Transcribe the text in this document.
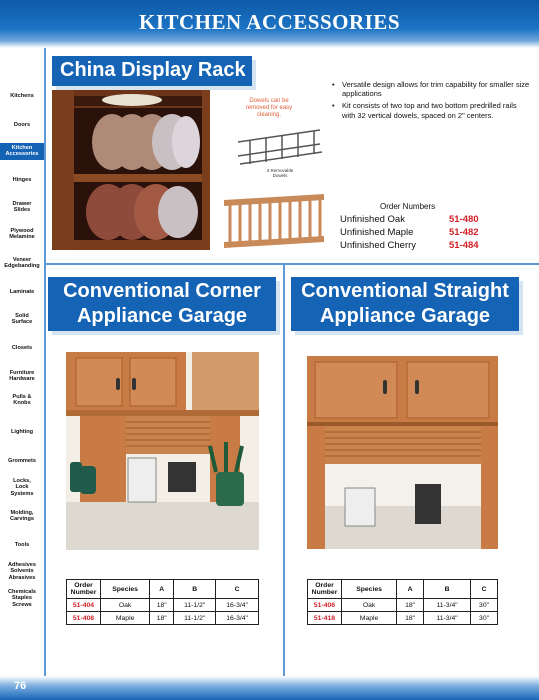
KITCHEN ACCESSORIES
Kitchens
Doors
Kitchen Accessories
Hinges
Drawer Slides
Plywood Melamine
Veneer Edgebanding
Laminate
Solid Surface
Closets
Furniture Hardware
Pulls & Knobs
Lighting
Grommets
Locks, Lock Systems
Molding, Carvings
Tools
Adhesives Solvents Abrasives
Chemicals Staples Screws
China Display Rack
Dowels can be removed for easy cleaning.
3 Removable Dowels
• Versatile design allows for trim capability for smaller size applications
• Kit consists of two top and two bottom predrilled rails with 32 vertical dowels, spaced on 2" centers.
Order Numbers
Unfinished Oak	51-480
Unfinished Maple	51-482
Unfinished Cherry	51-484
Conventional Corner
Appliance Garage
Order Number	Species	A	B	C
51-404	Oak	18"	11-1/2"	16-3/4"
51-408	Maple	18"	11-1/2"	16-3/4"
Conventional Straight
Appliance Garage
Order Number	Species	A	B	C
51-406	Oak	18"	11-3/4"	30"
51-418	Maple	18"	11-3/4"	30"
76
